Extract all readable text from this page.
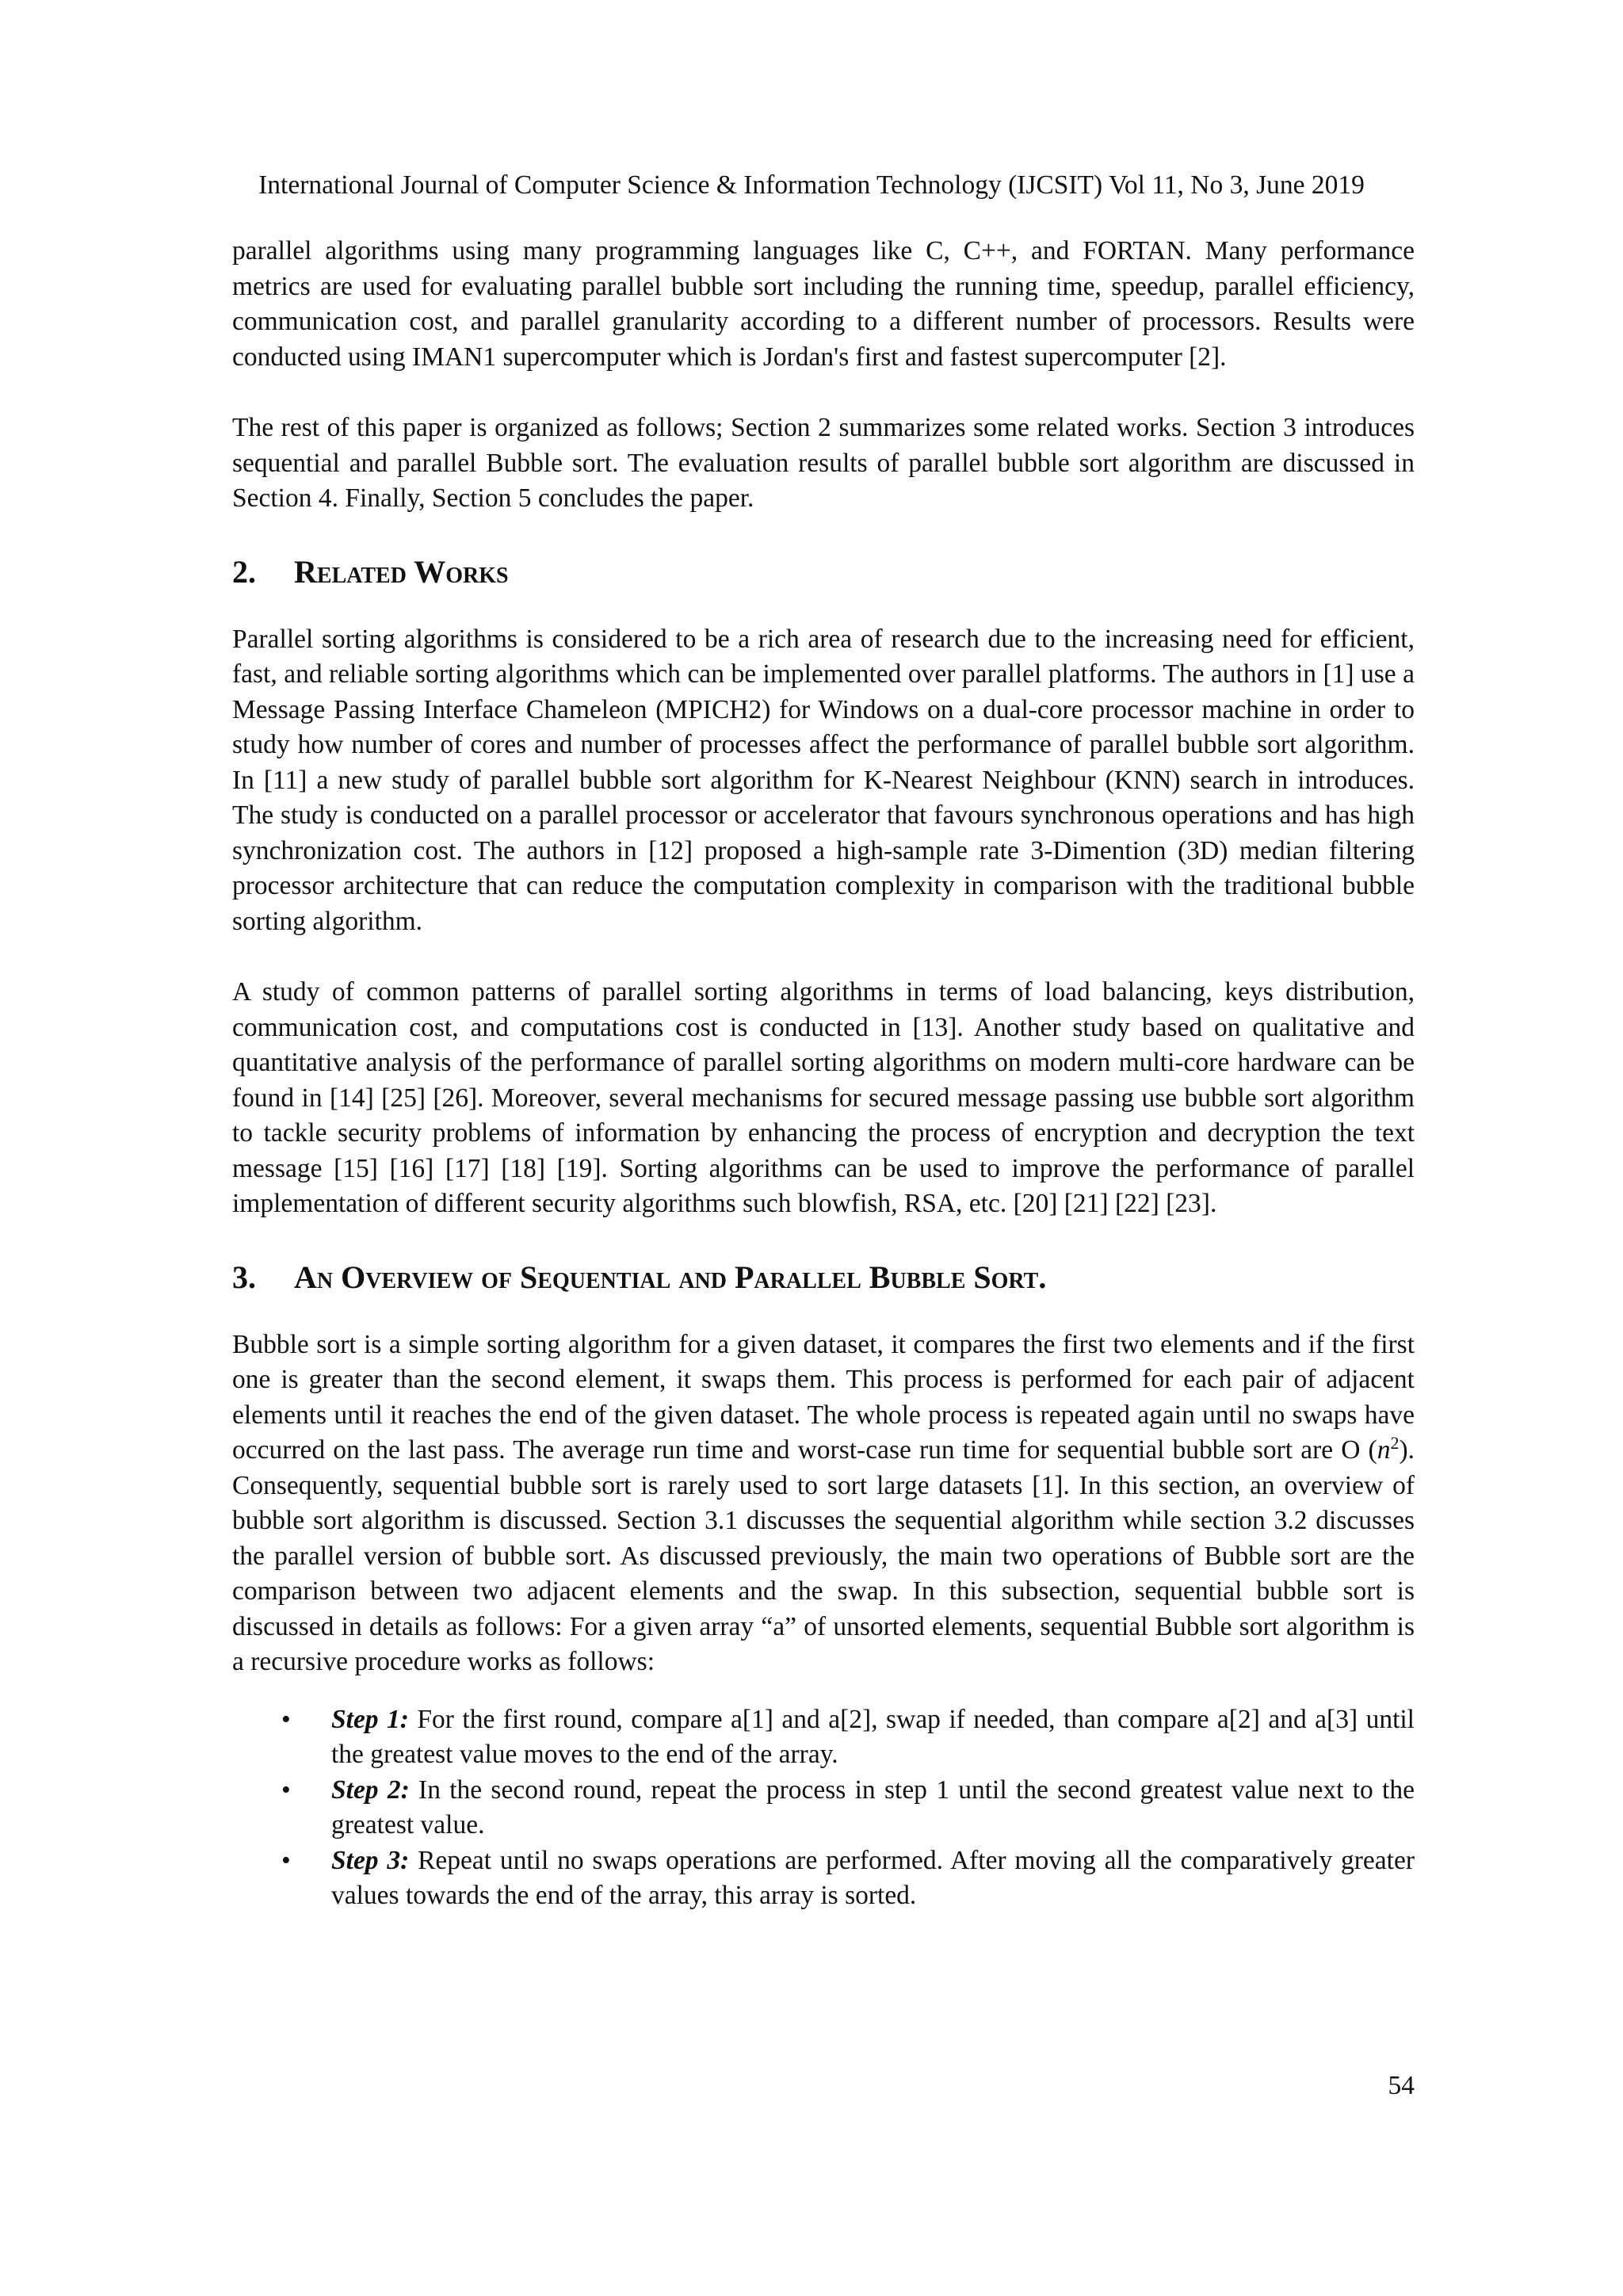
International Journal of Computer Science & Information Technology (IJCSIT) Vol 11, No 3, June 2019

parallel algorithms using many programming languages like C, C++, and FORTAN. Many performance metrics are used for evaluating parallel bubble sort including the running time, speedup, parallel efficiency, communication cost, and parallel granularity according to a different number of processors. Results were conducted using IMAN1 supercomputer which is Jordan's first and fastest supercomputer [2].

The rest of this paper is organized as follows; Section 2 summarizes some related works. Section 3 introduces sequential and parallel Bubble sort. The evaluation results of parallel bubble sort algorithm are discussed in Section 4. Finally, Section 5 concludes the paper.

2. Related Works

Parallel sorting algorithms is considered to be a rich area of research due to the increasing need for efficient, fast, and reliable sorting algorithms which can be implemented over parallel platforms. The authors in [1] use a Message Passing Interface Chameleon (MPICH2) for Windows on a dual-core processor machine in order to study how number of cores and number of processes affect the performance of parallel bubble sort algorithm. In [11] a new study of parallel bubble sort algorithm for K-Nearest Neighbour (KNN) search in introduces. The study is conducted on a parallel processor or accelerator that favours synchronous operations and has high synchronization cost. The authors in [12] proposed a high-sample rate 3-Dimention (3D) median filtering processor architecture that can reduce the computation complexity in comparison with the traditional bubble sorting algorithm.

A study of common patterns of parallel sorting algorithms in terms of load balancing, keys distribution, communication cost, and computations cost is conducted in [13]. Another study based on qualitative and quantitative analysis of the performance of parallel sorting algorithms on modern multi-core hardware can be found in [14] [25] [26]. Moreover, several mechanisms for secured message passing use bubble sort algorithm to tackle security problems of information by enhancing the process of encryption and decryption the text message [15] [16] [17] [18] [19]. Sorting algorithms can be used to improve the performance of parallel implementation of different security algorithms such blowfish, RSA, etc. [20] [21] [22] [23].

3. An Overview of Sequential and Parallel Bubble Sort.

Bubble sort is a simple sorting algorithm for a given dataset, it compares the first two elements and if the first one is greater than the second element, it swaps them. This process is performed for each pair of adjacent elements until it reaches the end of the given dataset. The whole process is repeated again until no swaps have occurred on the last pass. The average run time and worst-case run time for sequential bubble sort are O $(n^2)$. Consequently, sequential bubble sort is rarely used to sort large datasets [1]. In this section, an overview of bubble sort algorithm is discussed. Section 3.1 discusses the sequential algorithm while section 3.2 discusses the parallel version of bubble sort. As discussed previously, the main two operations of Bubble sort are the comparison between two adjacent elements and the swap. In this subsection, sequential bubble sort is discussed in details as follows: For a given array “a” of unsorted elements, sequential Bubble sort algorithm is a recursive procedure works as follows:

• Step 1: For the first round, compare a[1] and a[2], swap if needed, than compare a[2] and a[3] until the greatest value moves to the end of the array.
• Step 2: In the second round, repeat the process in step 1 until the second greatest value next to the greatest value.
• Step 3: Repeat until no swaps operations are performed. After moving all the comparatively greater values towards the end of the array, this array is sorted.
54
